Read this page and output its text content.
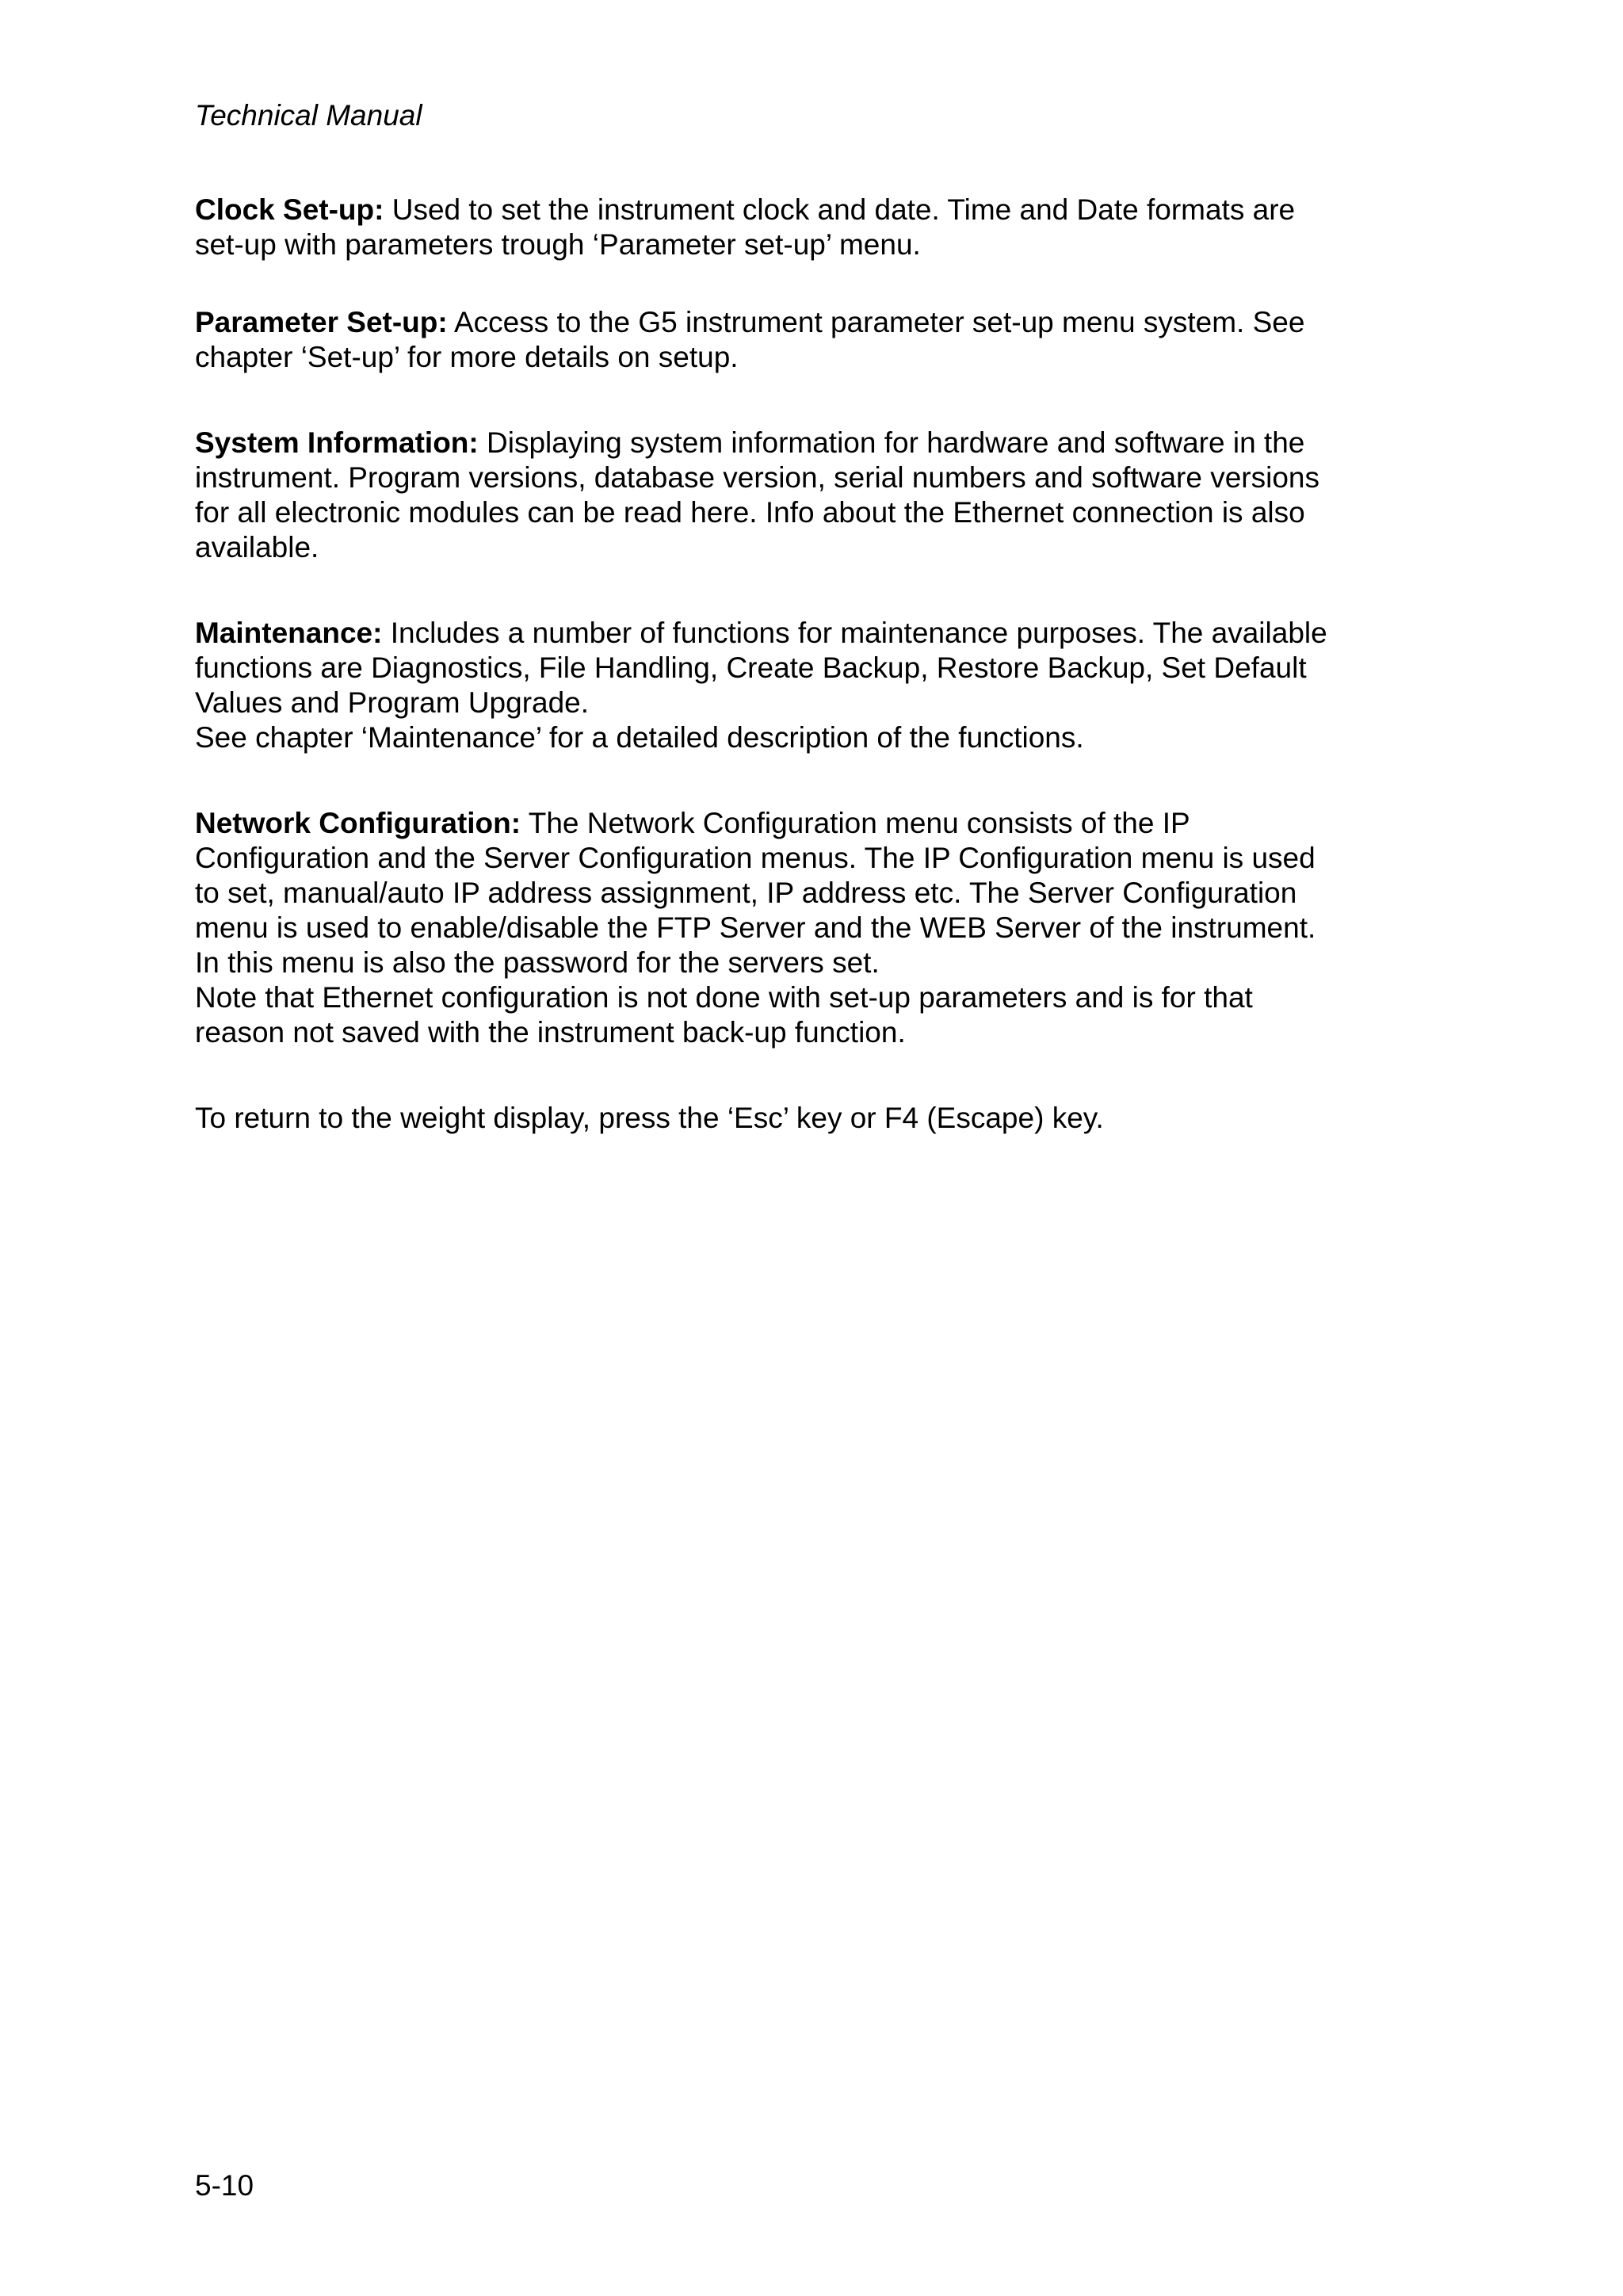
Technical Manual

Clock Set-up: Used to set the instrument clock and date. Time and Date formats are
set-up with parameters trough ‘Parameter set-up’ menu.

Parameter Set-up: Access to the G5 instrument parameter set-up menu system. See
chapter ‘Set-up’ for more details on setup.

System Information: Displaying system information for hardware and software in the
instrument. Program versions, database version, serial numbers and software versions
for all electronic modules can be read here. Info about the Ethernet connection is also
available.

Maintenance: Includes a number of functions for maintenance purposes. The available
functions are Diagnostics, File Handling, Create Backup, Restore Backup, Set Default
Values and Program Upgrade.
See chapter ‘Maintenance’ for a detailed description of the functions.

Network Configuration: The Network Configuration menu consists of the IP
Configuration and the Server Configuration menus. The IP Configuration menu is used
to set, manual/auto IP address assignment, IP address etc. The Server Configuration
menu is used to enable/disable the FTP Server and the WEB Server of the instrument.
In this menu is also the password for the servers set.
Note that Ethernet configuration is not done with set-up parameters and is for that
reason not saved with the instrument back-up function.

To return to the weight display, press the ‘Esc’ key or F4 (Escape) key.

5-10
